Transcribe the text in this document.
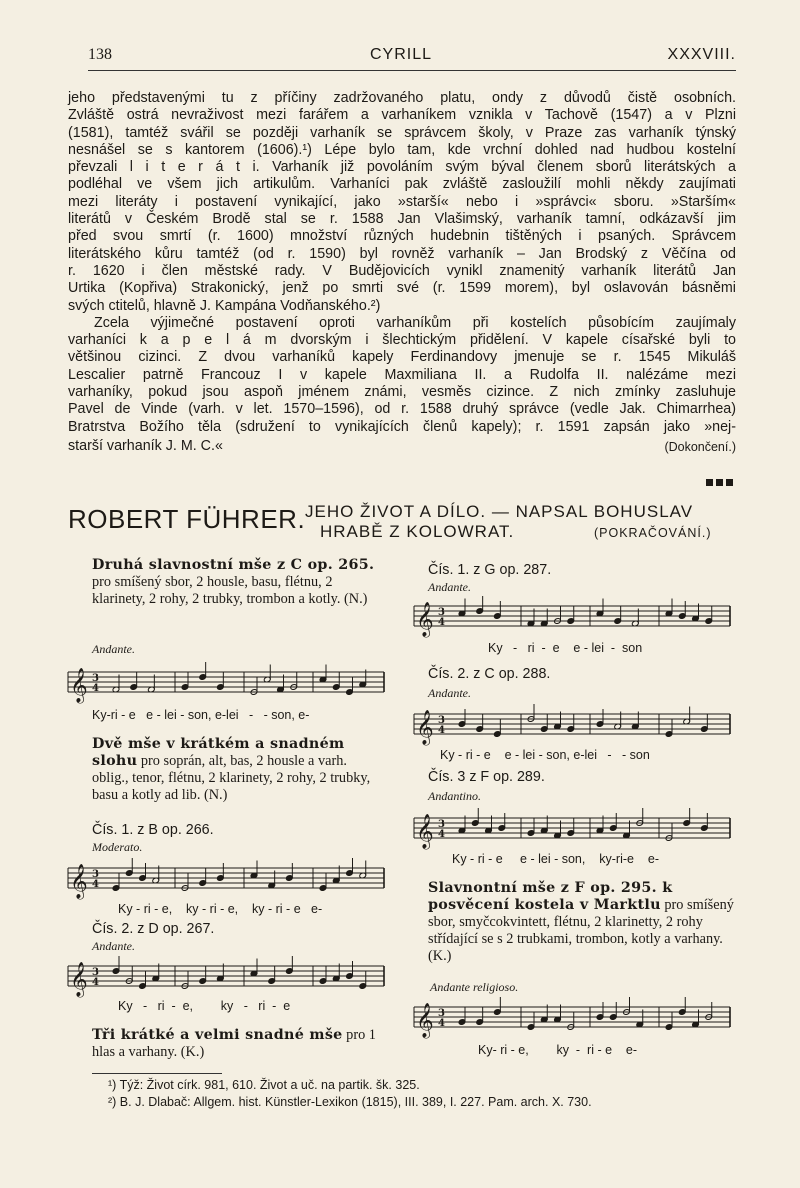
138	CYRILL	XXXVIII.
jeho představenými tu z příčiny zadržovaného platu, ondy z důvodů čistě osobních.
Zvláště ostrá nevraživost mezi farářem a varhaníkem vznikla v Tachově (1547) a v Plzni
(1581), tamtéž svářil se později varhaník se správcem školy, v Praze zas varhaník týnský
nesnášel se s kantorem (1606).¹) Lépe bylo tam, kde vrchní dohled nad hudbou kostelní
převzali l i t e r á t i. Varhaník již povoláním svým býval členem sborů literátských a
podléhal ve všem jich artikulům. Varhaníci pak zvláště zasloužilí mohli někdy zaujímati
mezi literáty i postavení vynikající, jako »starší« nebo i »správci« sboru. »Starším«
literátů v Českém Brodě stal se r. 1588 Jan Vlašimský, varhaník tamní, odkázavší jim
před svou smrtí (r. 1600) množství různých hudebnin tištěných i psaných. Správcem
literátského kůru tamtéž (od r. 1590) byl rovněž varhaník – Jan Brodský z Věčína od
r. 1620 i člen městské rady. V Budějovicích vynikl znamenitý varhaník literátů Jan
Urtika (Kopřiva) Strakonický, jenž po smrti své (r. 1599 morem), byl oslavován básněmi
svých ctitelů, hlavně J. Kampána Vodňanského.²)
Zcela výjimečné postavení oproti varhaníkům při kostelích působícím zaujímaly
varhaníci k a p e l á m dvorským i šlechtickým přidělení. V kapele císařské byli to
většinou cizinci. Z dvou varhaníků kapely Ferdinandovy jmenuje se r. 1545 Mikuláš
Lescalier patrně Francouz I v kapele Maxmiliana II. a Rudolfa II. nalézáme mezi
varhaníky, pokud jsou aspoň jménem známi, vesměs cizince. Z nich zmínky zasluhuje
Pavel de Vinde (varh. v let. 1570–1596), od r. 1588 druhý správce (vedle Jak. Chimarrhea)
Bratrstva Božího těla (sdružení to vynikajících členů kapely); r. 1591 zapsán jako »nej-
starší varhaník J. M. C.«	(Dokončení.)
ROBERT FÜHRER. JEHO ŽIVOT A DÍLO. — NAPSAL BOHUSLAV
HRABĚ Z KOLOWRAT.	(POKRAČOVÁNÍ.)
Druhá slavnostní mše z C op. 265. pro smíšený sbor, 2 housle, basu, flétnu, 2 klarinety, 2 rohy, 2 trubky, trombon a kotly. (N.)
Andante.
𝄞 3
4
Ky-ri - e   e - lei - son, e-lei   -   - son, e-
Dvě mše v krátkém a snadném slohu pro soprán, alt, bas, 2 housle a varh. oblig., tenor, flétnu, 2 klarinety, 2 rohy, 2 trubky, basu a kotly ad lib. (N.)
Čís. 1. z B op. 266.
Moderato.
𝄞 3
4
Ky - ri - e,    ky - ri - e,    ky - ri - e   e-
Čís. 2. z D op. 267.
Andante.
𝄞 3
4
Ky   -   ri  -  e,        ky   -   ri  -  e
Tři krátké a velmi snadné mše pro 1 hlas a varhany. (K.)
Čís. 1. z G op. 287.
Andante.
𝄞 3
4
Ky   -   ri  -  e    e - lei  -  son
Čís. 2. z C op. 288.
Andante.
𝄞 3
4
Ky - ri - e    e - lei - son, e-lei   -   - son
Čís. 3 z F op. 289.
Andantino.
𝄞 3
4
Ky - ri - e     e - lei - son,    ky-ri-e    e-
Slavnontní mše z F op. 295. k posvěcení kostela v Marktlu pro smíšený sbor, smyčcokvintett, flétnu, 2 klarinetty, 2 rohy střídající se s 2 trubkami, trombon, kotly a varhany. (K.)
Andante religioso.
𝄞 3
4
Ky- ri - e,        ky  -  ri - e    e-
¹) Týž: Život círk. 981, 610. Život a uč. na partik. šk. 325.
²) B. J. Dlabač: Allgem. hist. Künstler-Lexikon (1815), III. 389, I. 227. Pam. arch. X. 730.
